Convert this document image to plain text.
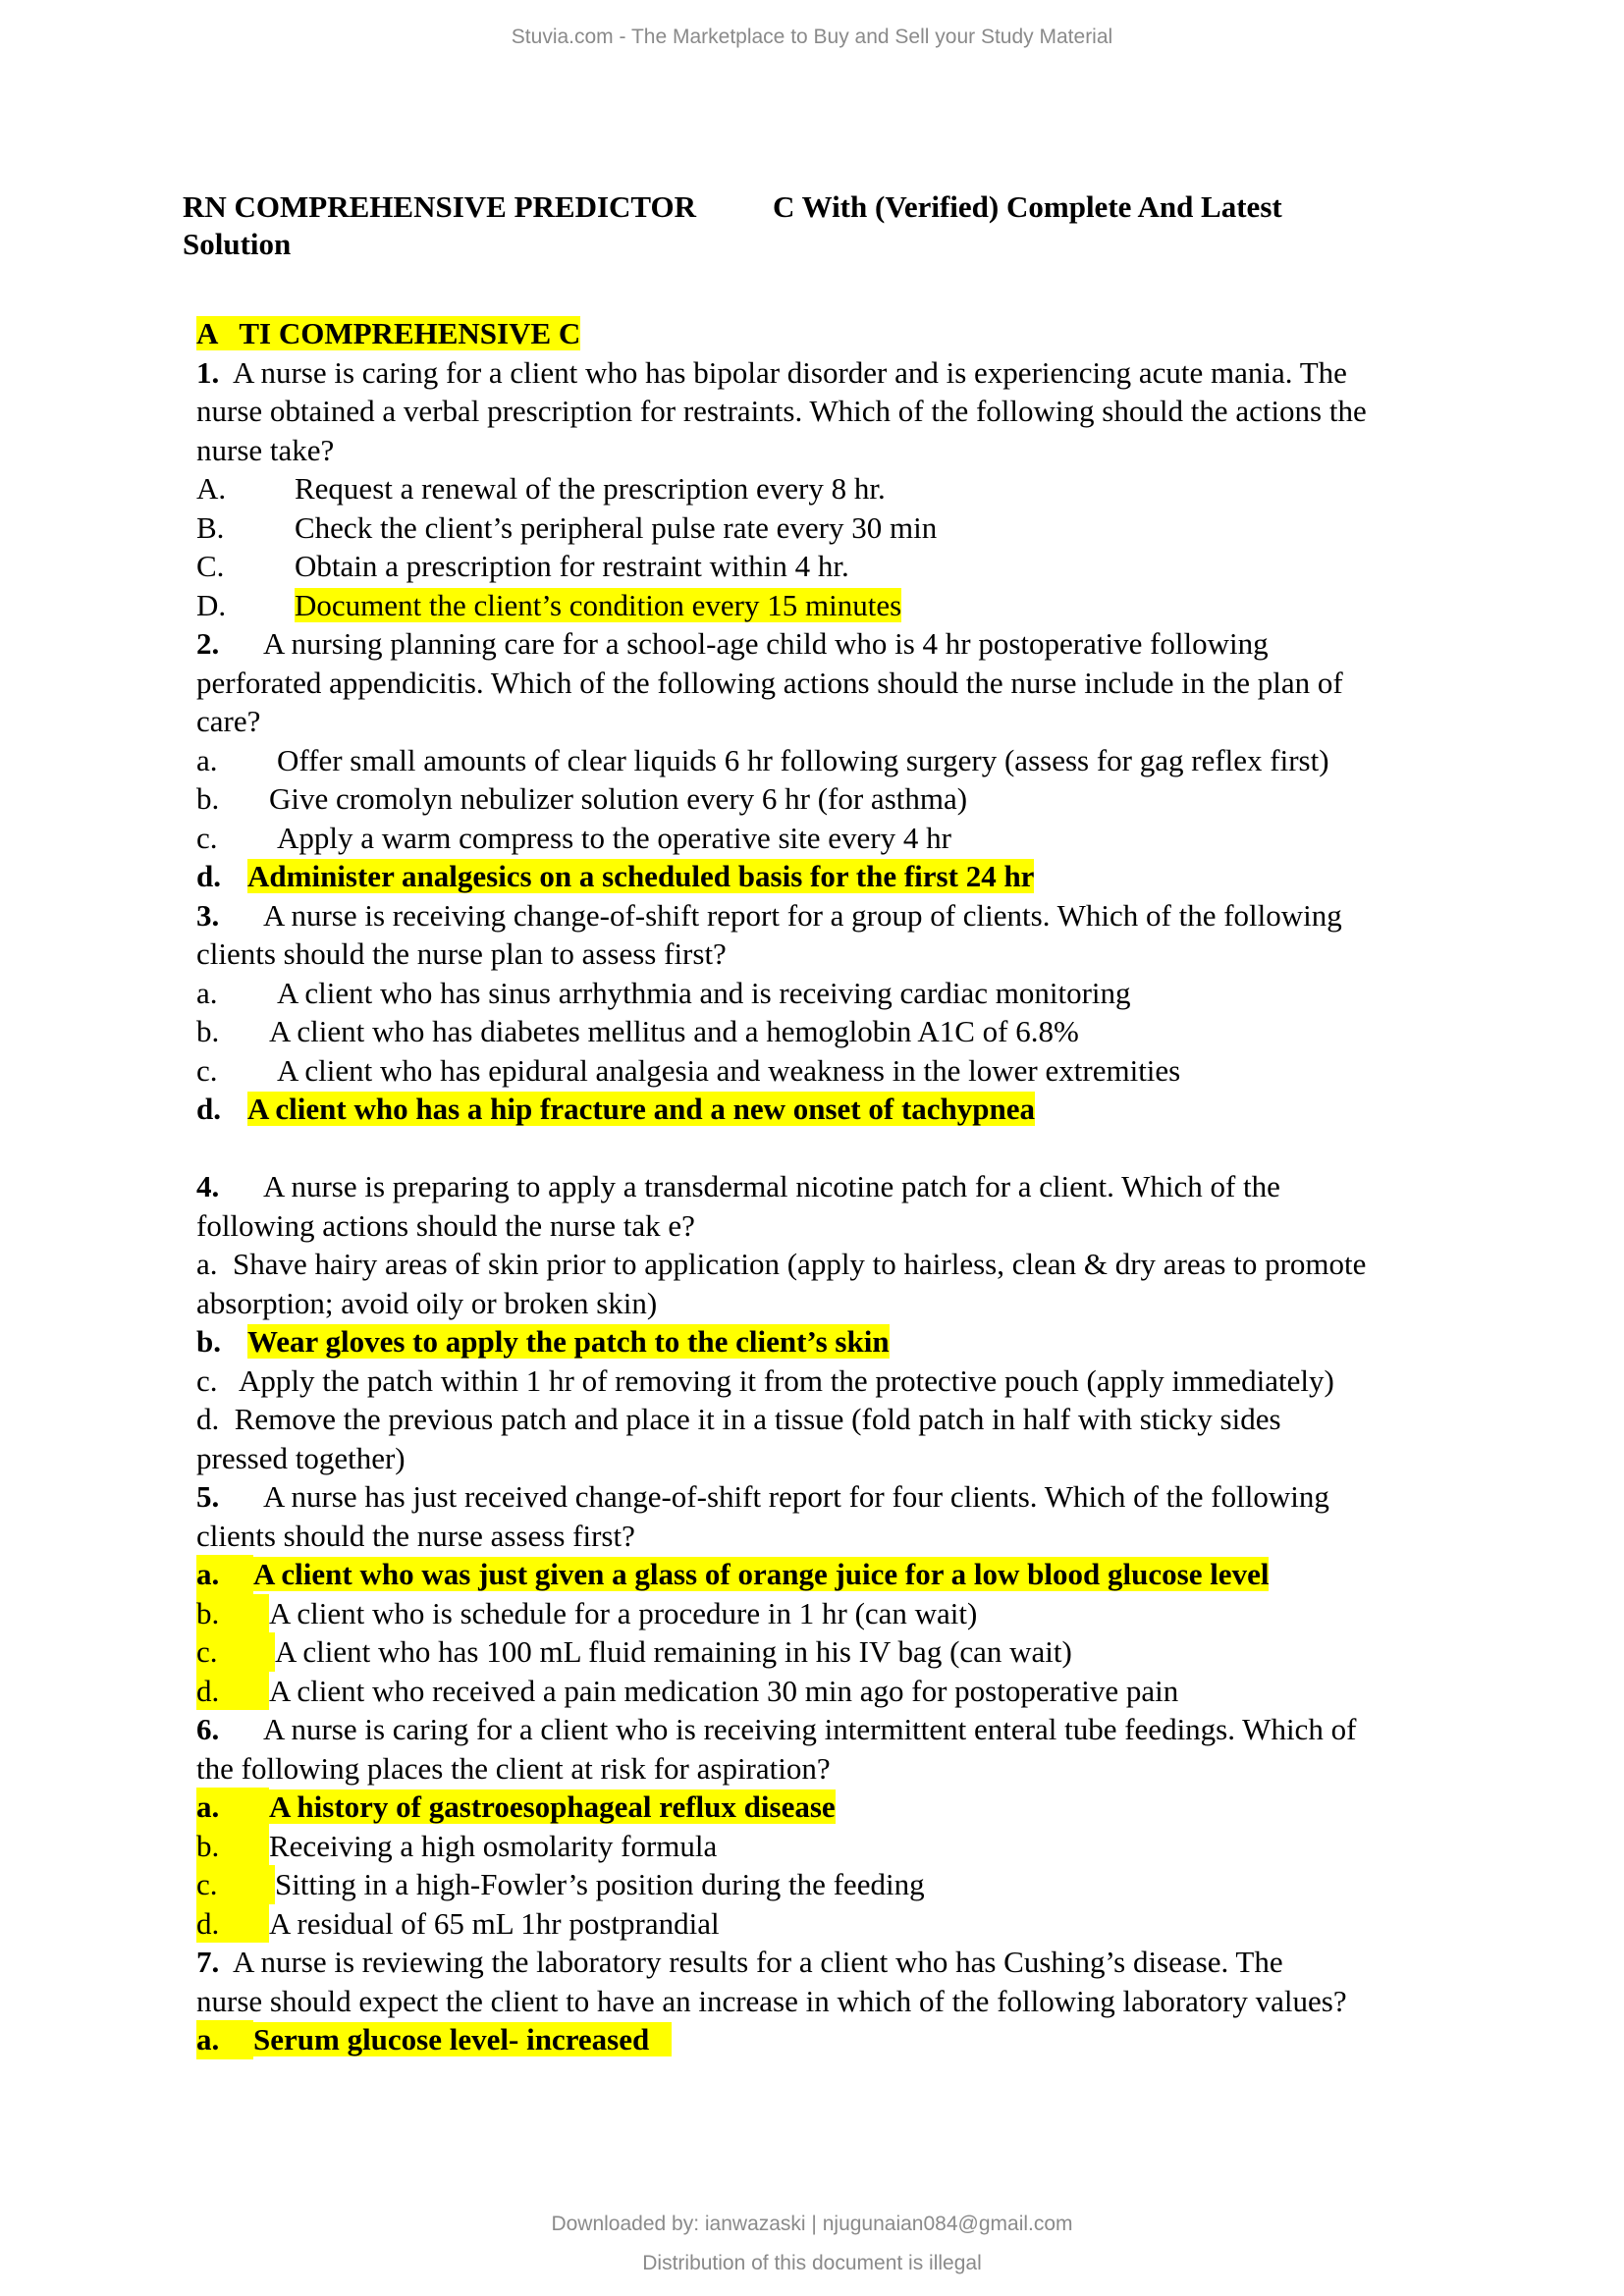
Stuvia.com - The Marketplace to Buy and Sell your Study Material
RN COMPREHENSIVE PREDICTOR	C With (Verified) Complete And Latest
Solution
A   TI COMPREHENSIVE C
1.  A nurse is caring for a client who has bipolar disorder and is experiencing acute mania. The
nurse obtained a verbal prescription for restraints. Which of the following should the actions the
nurse take?
A. Request a renewal of the prescription every 8 hr.
B. Check the client’s peripheral pulse rate every 30 min
C. Obtain a prescription for restraint within 4 hr.
D. Document the client’s condition every 15 minutes
2.      A nursing planning care for a school-age child who is 4 hr postoperative following
perforated appendicitis. Which of the following actions should the nurse include in the plan of
care?
a. Offer small amounts of clear liquids 6 hr following surgery (assess for gag reflex first)
b. Give cromolyn nebulizer solution every 6 hr (for asthma)
c. Apply a warm compress to the operative site every 4 hr
d. Administer analgesics on a scheduled basis for the first 24 hr
3.      A nurse is receiving change-of-shift report for a group of clients. Which of the following
clients should the nurse plan to assess first?
a. A client who has sinus arrhythmia and is receiving cardiac monitoring
b. A client who has diabetes mellitus and a hemoglobin A1C of 6.8%
c. A client who has epidural analgesia and weakness in the lower extremities
d. A client who has a hip fracture and a new onset of tachypnea
4.      A nurse is preparing to apply a transdermal nicotine patch for a client. Which of the
following actions should the nurse tak e?
a.  Shave hairy areas of skin prior to application (apply to hairless, clean & dry areas to promote
absorption; avoid oily or broken skin)
b. Wear gloves to apply the patch to the client’s skin
c.   Apply the patch within 1 hr of removing it from the protective pouch (apply immediately)
d.  Remove the previous patch and place it in a tissue (fold patch in half with sticky sides
pressed together)
5.      A nurse has just received change-of-shift report for four clients. Which of the following
clients should the nurse assess first?
a. A client who was just given a glass of orange juice for a low blood glucose level
b. A client who is schedule for a procedure in 1 hr (can wait)
c. A client who has 100 mL fluid remaining in his IV bag (can wait)
d. A client who received a pain medication 30 min ago for postoperative pain
6.      A nurse is caring for a client who is receiving intermittent enteral tube feedings. Which of
the following places the client at risk for aspiration?
a. A history of gastroesophageal reflux disease
b. Receiving a high osmolarity formula
c. Sitting in a high-Fowler’s position during the feeding
d. A residual of 65 mL 1hr postprandial
7.  A nurse is reviewing the laboratory results for a client who has Cushing’s disease. The
nurse should expect the client to have an increase in which of the following laboratory values?
a. Serum glucose level- increased
Downloaded by: ianwazaski | njugunaian084@gmail.com
Distribution of this document is illegal
